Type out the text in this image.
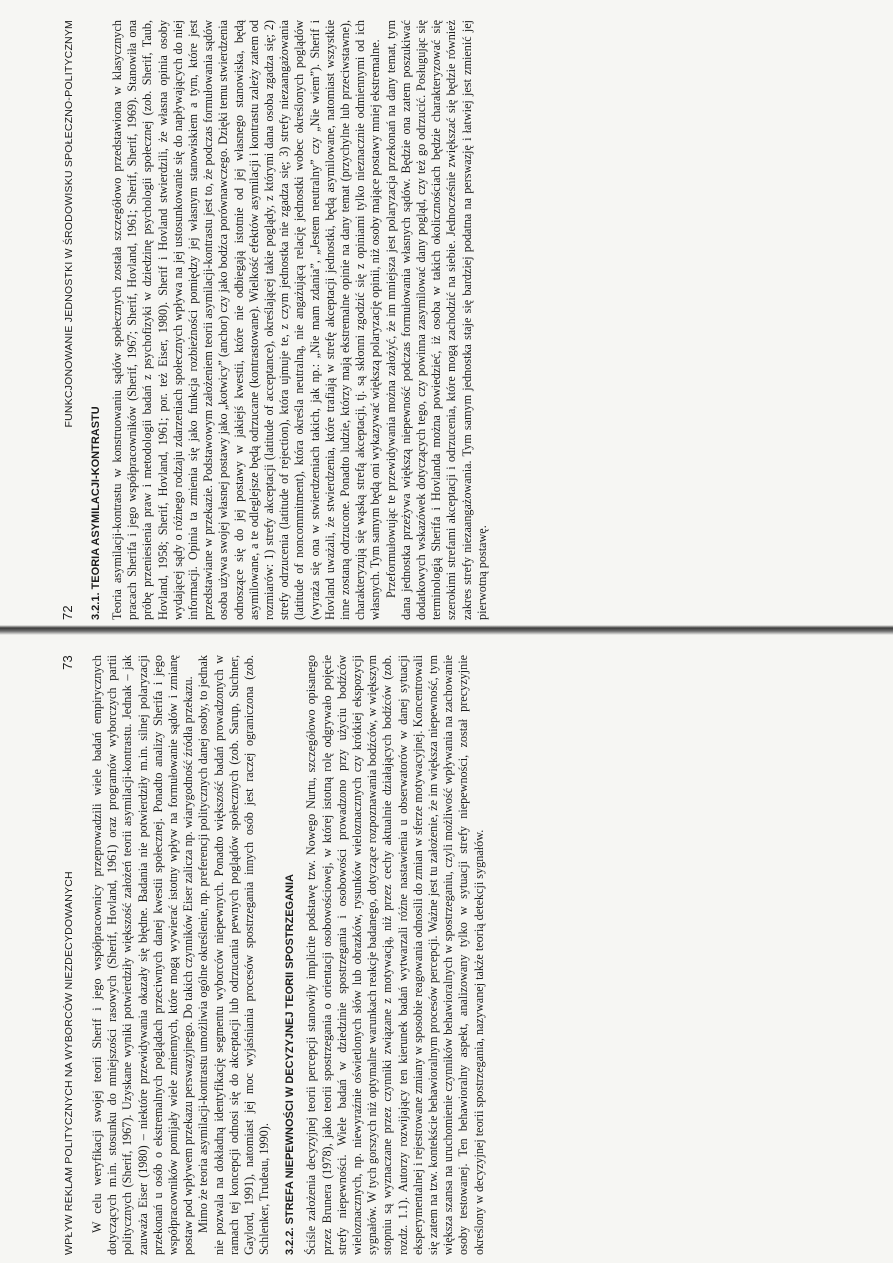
72
FUNKCJONOWANIE JEDNOSTKI W ŚRODOWISKU SPOŁECZNO-POLITYCZNYM
3.2.1. TEORIA ASYMILACJI-KONTRASTU Teoria asymilacji-kontrastu w konstruowaniu sądów społecznych została szczegółowo przedstawiona w klasycznych pracach Sherifa i jego współpracowników (Sherif, 1967; Sherif, Hovland, 1961; Sherif, Sherif, 1969). Stanowiła ona próbę przeniesienia praw i metodologii badań z psychofizyki w dziedzinę psychologii społecznej (zob. Sherif, Taub, Hovland, 1958; Sherif, Hovland, 1961; por. też Eiser, 1980). Sherif i Hovland stwierdzili, że własna opinia osoby wydającej sądy o różnego rodzaju zdarzeniach społecznych wpływa na jej ustosunkowanie się do napływających do niej informacji. Opinia ta zmienia się jako funkcja rozbieżności pomiędzy jej własnym stanowiskiem a tym, które jest przedstawiane w przekazie. Podstawowym założeniem teorii asymilacji-kontrastu jest to, że podczas formułowania sądów osoba używa swojej własnej postawy jako „kotwicy” (anchor) czy jako bodźca porównawczego. Dzięki temu stwierdzenia odnoszące się do jej postawy w jakiejś kwestii, które nie odbiegają istotnie od jej własnego stanowiska, będą asymilowane, a te odleglejsze będą odrzucane (kontrastowane). Wielkość efektów asymilacji i kontrastu zależy zatem od rozmiarów: 1) strefy akceptacji (latitude of acceptance), określającej takie poglądy, z którymi dana osoba zgadza się; 2) strefy odrzucenia (latitude of rejection), która ujmuje te, z czym jednostka nie zgadza się; 3) strefy niezaangażowania (latitude of noncommitment), która określa neutralną, nie angażującą relację jednostki wobec określonych poglądów (wyraża się ona w stwierdzeniach takich, jak np.: „Nie mam zdania”, „Jestem neutralny” czy „Nie wiem”). Sherif i Hovland uważali, że stwierdzenia, które trafiają w strefę akceptacji jednostki, będą asymilowane, natomiast wszystkie inne zostaną odrzucone. Ponadto ludzie, którzy mają ekstremalne opinie na dany temat (przychylne lub przeciwstawne), charakteryzują się wąską strefą akceptacji, tj. są skłonni zgodzić się z opiniami tylko nieznacznie odmiennymi od ich własnych. Tym samym będą oni wykazywać większą polaryzację opinii, niż osoby mające postawy mniej ekstremalne. Przeformułowując te przewidywania można założyć, że im mniejsza jest polaryzacja przekonań na dany temat, tym dana jednostka przeżywa większą niepewność podczas formułowania własnych sądów. Będzie ona zatem poszukiwać dodatkowych wskazówek dotyczących tego, czy powinna zasymilować dany pogląd, czy też go odrzucić. Posługując się terminologią Sherifa i Hovlanda można powiedzieć, iż osoba w takich okolicznościach będzie charakteryzować się szerokimi strefami akceptacji i odrzucenia, które mogą zachodzić na siebie. Jednocześnie zwiększać się będzie również zakres strefy niezaangażowania. Tym samym jednostka staje się bardziej podatna na perswazję i łatwiej jest zmienić jej pierwotną postawę.

WPŁYW REKLAM POLITYCZNYCH NA WYBORCÓW NIEZDECYDOWANYCH
73 W celu weryfikacji swojej teorii Sherif i jego współpracownicy przeprowadzili wiele badań empirycznych dotyczących m.in. stosunku do mniejszości rasowych (Sherif, Hovland, 1961) oraz programów wyborczych partii politycznych (Sherif, 1967). Uzyskane wyniki potwierdziły większość założeń teorii asymilacji-kontrastu. Jednak – jak zauważa Eiser (1980) – niektóre przewidywania okazały się błędne. Badania nie potwierdziły m.in. silnej polaryzacji przekonań u osób o ekstremalnych poglądach przeciwnych danej kwestii społecznej. Ponadto analizy Sherifa i jego współpracowników pomijały wiele zmiennych, które mogą wywierać istotny wpływ na formułowanie sądów i zmianę postaw pod wpływem przekazu perswazyjnego. Do takich czynników Eiser zalicza np. wiarygodność źródła przekazu. Mimo że teoria asymilacji-kontrastu umożliwia ogólne określenie, np. preferencji politycznych danej osoby, to jednak nie pozwala na dokładną identyfikację segmentu wyborców niepewnych. Ponadto większość badań prowadzonych w ramach tej koncepcji odnosi się do akceptacji lub odrzucania pewnych poglądów społecznych (zob. Sarup, Suchner, Gaylord, 1991), natomiast jej moc wyjaśniania procesów spostrzegania innych osób jest raczej ograniczona (zob. Schlenker, Trudeau, 1990). 3.2.2. STREFA NIEPEWNOŚCI W DECYZYJNEJ TEORII SPOSTRZEGANIA Ściśle założenia decyzyjnej teorii percepcji stanowiły implicite podstawę tzw. Nowego Nurtu, szczegółowo opisanego przez Brunera (1978), jako teorii spostrzegania o orientacji osobowościowej, w której istotną rolę odgrywało pojęcie strefy niepewności. Wiele badań w dziedzinie spostrzegania i osobowości prowadzono przy użyciu bodźców wieloznacznych, np. niewyraźnie oświetlonych słów lub obrazków, rysunków wieloznacznych czy krótkiej ekspozycji sygnałów. W tych gorszych niż optymalne warunkach reakcje badanego, dotyczące rozpoznawania bodźców, w większym stopniu są wyznaczane przez czynniki związane z motywacją, niż przez cechy aktualnie działających bodźców (zob. rozdz. 1.1). Autorzy rozwijający ten kierunek badań wytwarzali różne nastawienia u obserwatorów w danej sytuacji eksperymentalnej i rejestrowane zmiany w sposobie reagowania odnosili do zmian w sferze motywacyjnej. Koncentrowali się zatem na tzw. kontekście behawioralnym procesów percepcji. Ważne jest tu założenie, że im większa niepewność, tym większa szansa na uruchomienie czynników behawioralnych w spostrzeganiu, czyli możliwość wpływania na zachowanie osoby testowanej. Ten behawioralny aspekt, analizowany tylko w sytuacji strefy niepewności, został precyzyjnie określony w decyzyjnej teorii spostrzegania, nazywanej także teorią detekcji sygnałów.
